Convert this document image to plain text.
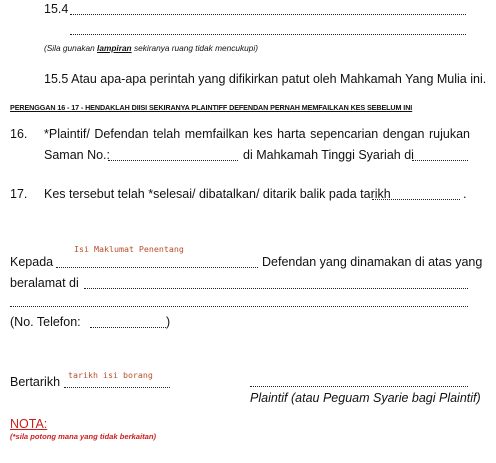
15.4
(Sila gunakan lampiran sekiranya ruang tidak mencukupi)
15.5 Atau apa-apa perintah yang difikirkan patut oleh Mahkamah Yang Mulia ini.
PERENGGAN 16 - 17 - HENDAKLAH DIISI SEKIRANYA PLAINTIFF DEFENDAN PERNAH MEMFAILKAN KES SEBELUM INI
16. *Plaintif/ Defendan telah memfailkan kes harta sepencarian dengan rujukan
Saman No.:	di Mahkamah Tinggi Syariah di
17. Kes tersebut telah *selesai/ dibatalkan/ ditarik balik pada tarikh	.
Isi Maklumat Penentang
Kepada	Defendan yang dinamakan di atas yang
beralamat di
(No. Telefon:	)
tarikh isi borang
Bertarikh
Plaintif (atau Peguam Syarie bagi Plaintif)
NOTA:
(*sila potong mana yang tidak berkaitan)
